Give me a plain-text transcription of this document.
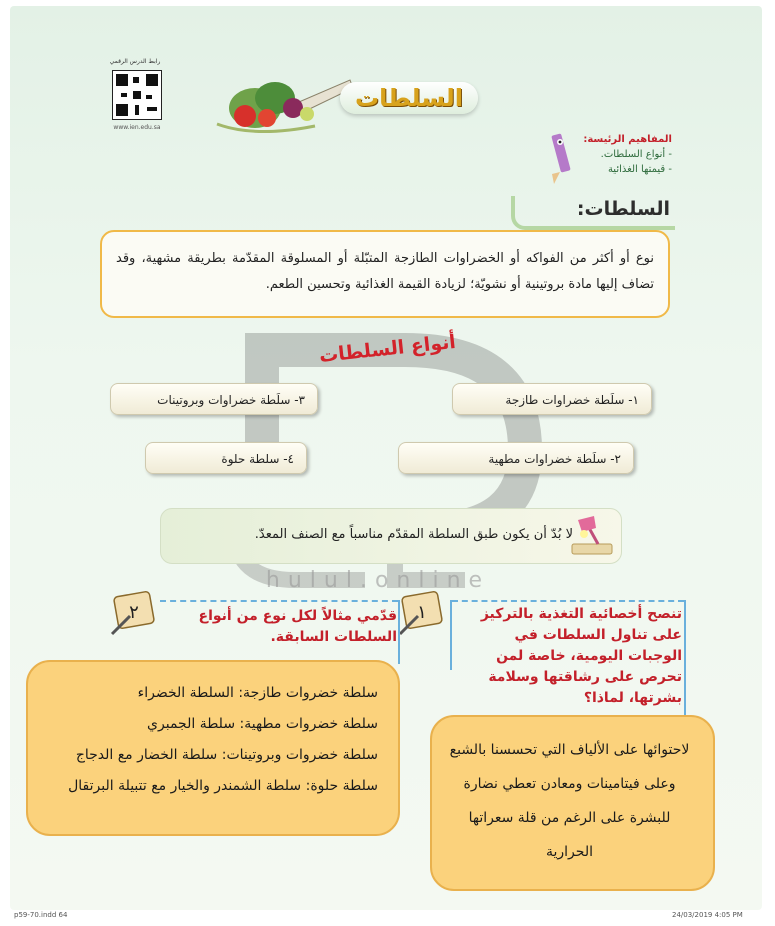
رابط الدرس الرقمي
www.ien.edu.sa
السلطات
المفاهيم الرئيسة:
- أنواع السلطات.
- قيمتها الغذائية
السلطات:
نوع أو أكثر من الفواكه أو الخضراوات الطازجة المتبّلة أو المسلوقة المقدّمة بطريقة مشهية، وقد تضاف إليها مادة بروتينية أو نشويّة؛ لزيادة القيمة الغذائية وتحسين الطعم.
hulul.online
أنواع السلطات
١- سلَطة خضراوات طازجة
٣- سلَطة خضراوات وبروتينات
٢- سلَطة خضراوات مطهية
٤- سلطة حلوة
لا بُدّ أن يكون طبق السلطة المقدّم مناسباً مع الصنف المعدّ.
١
٢	تنصح أخصائية التغذية بالتركيز على تناول السلطات في الوجبات اليومية، خاصة لمن تحرص على رشاقتها وسلامة بشرتها، لماذا؟
قدّمي مثالاً لكل نوع من أنواع السلطات السابقة.
سلطة خضروات طازجة: السلطة الخضراء
سلطة خضروات مطهية: سلطة الجمبري
سلطة خضروات وبروتينات: سلطة الخضار مع الدجاج
سلطة حلوة: سلطة الشمندر والخيار مع تتبيلة البرتقال
لاحتوائها على الألياف التي تحسسنا بالشبع وعلى فيتامينات ومعادن تعطي نضارة للبشرة على الرغم من قلة سعراتها الحرارية
p59-70.indd 64	24/03/2019 4:05 PM
